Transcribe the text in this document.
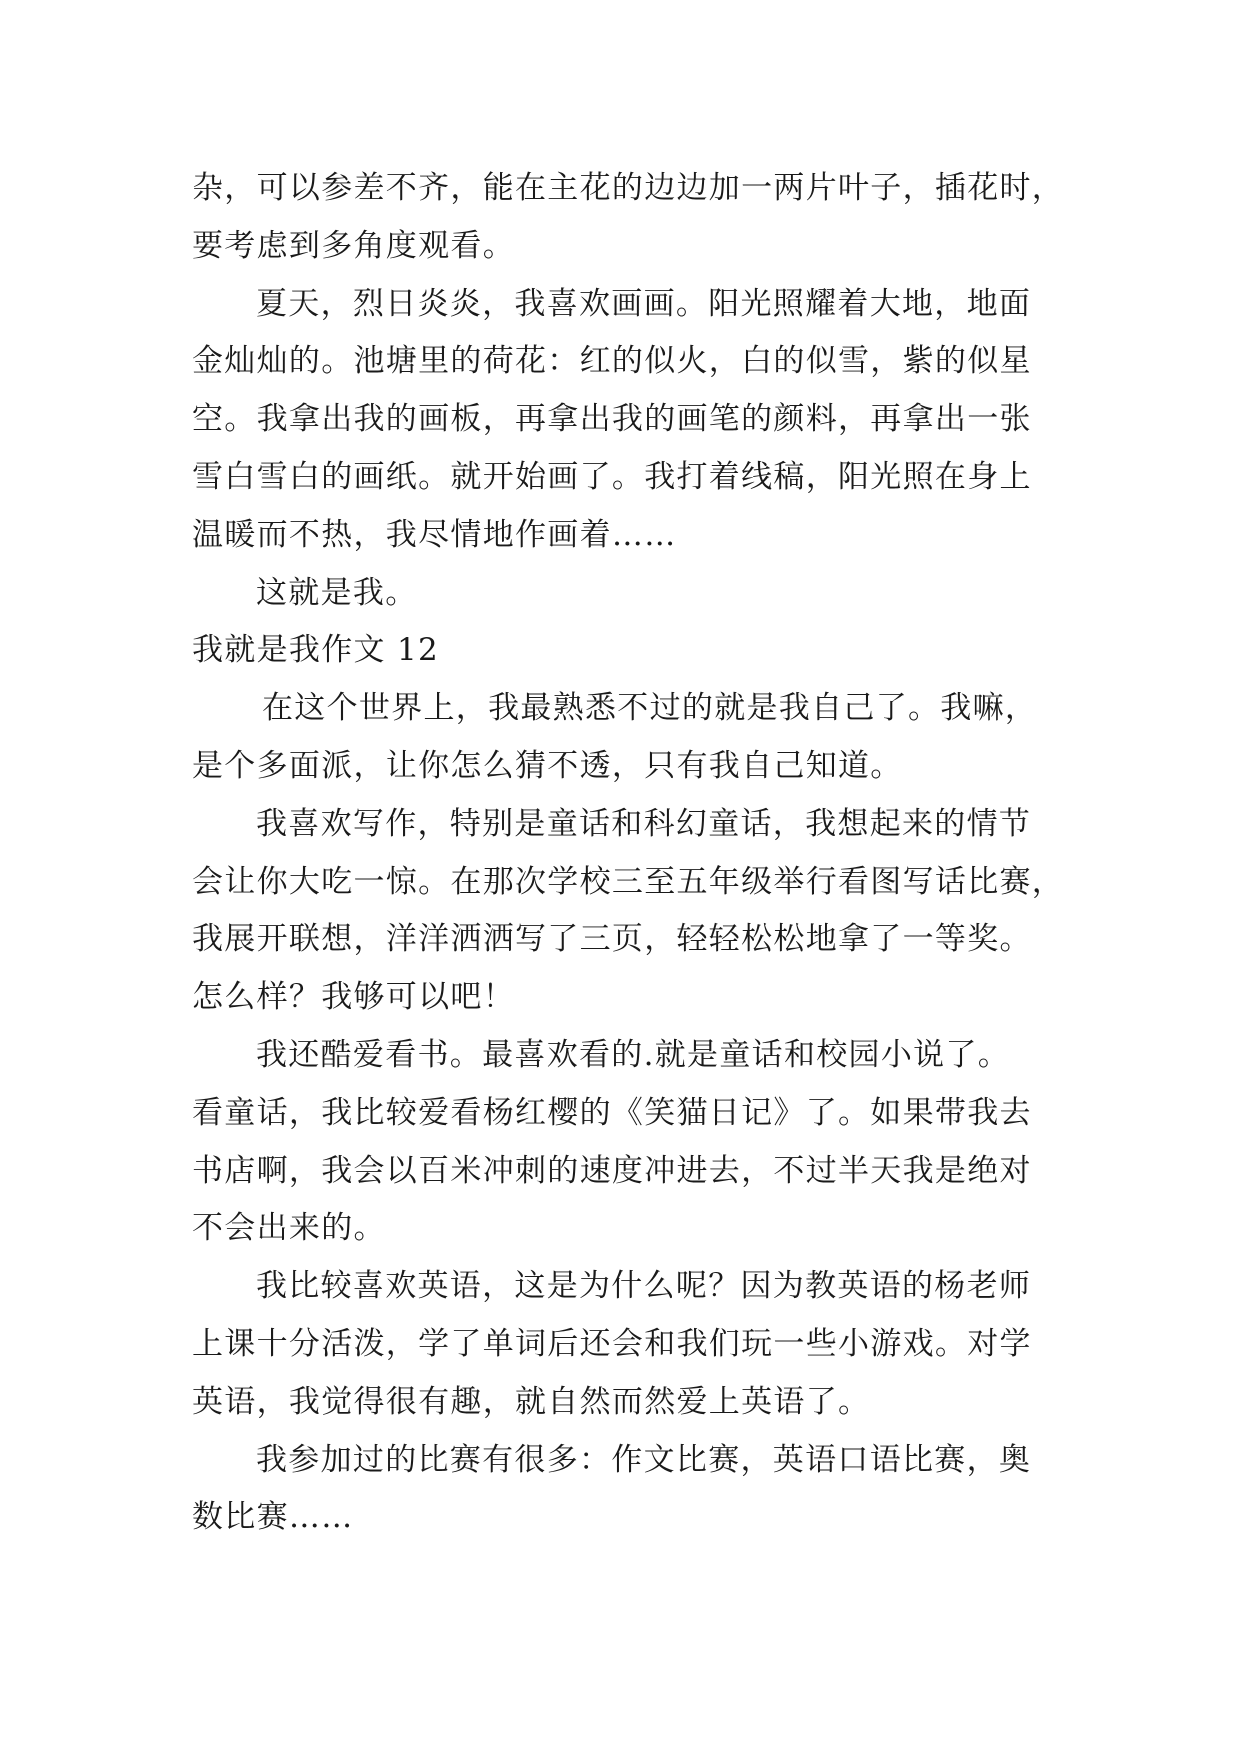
杂，可以参差不齐，能在主花的边边加一两片叶子，插花时，
要考虑到多角度观看。
夏天，烈日炎炎，我喜欢画画。阳光照耀着大地，地面
金灿灿的。池塘里的荷花：红的似火，白的似雪，紫的似星
空。我拿出我的画板，再拿出我的画笔的颜料，再拿出一张
雪白雪白的画纸。就开始画了。我打着线稿，阳光照在身上
温暖而不热，我尽情地作画着……
这就是我。
我就是我作文 12
在这个世界上，我最熟悉不过的就是我自己了。我嘛，
是个多面派，让你怎么猜不透，只有我自己知道。
我喜欢写作，特别是童话和科幻童话，我想起来的情节
会让你大吃一惊。在那次学校三至五年级举行看图写话比赛，
我展开联想，洋洋洒洒写了三页，轻轻松松地拿了一等奖。
怎么样？我够可以吧！
我还酷爱看书。最喜欢看的.就是童话和校园小说了。
看童话，我比较爱看杨红樱的《笑猫日记》了。如果带我去
书店啊，我会以百米冲刺的速度冲进去，不过半天我是绝对
不会出来的。
我比较喜欢英语，这是为什么呢？因为教英语的杨老师
上课十分活泼，学了单词后还会和我们玩一些小游戏。对学
英语，我觉得很有趣，就自然而然爱上英语了。
我参加过的比赛有很多：作文比赛，英语口语比赛，奥
数比赛……
